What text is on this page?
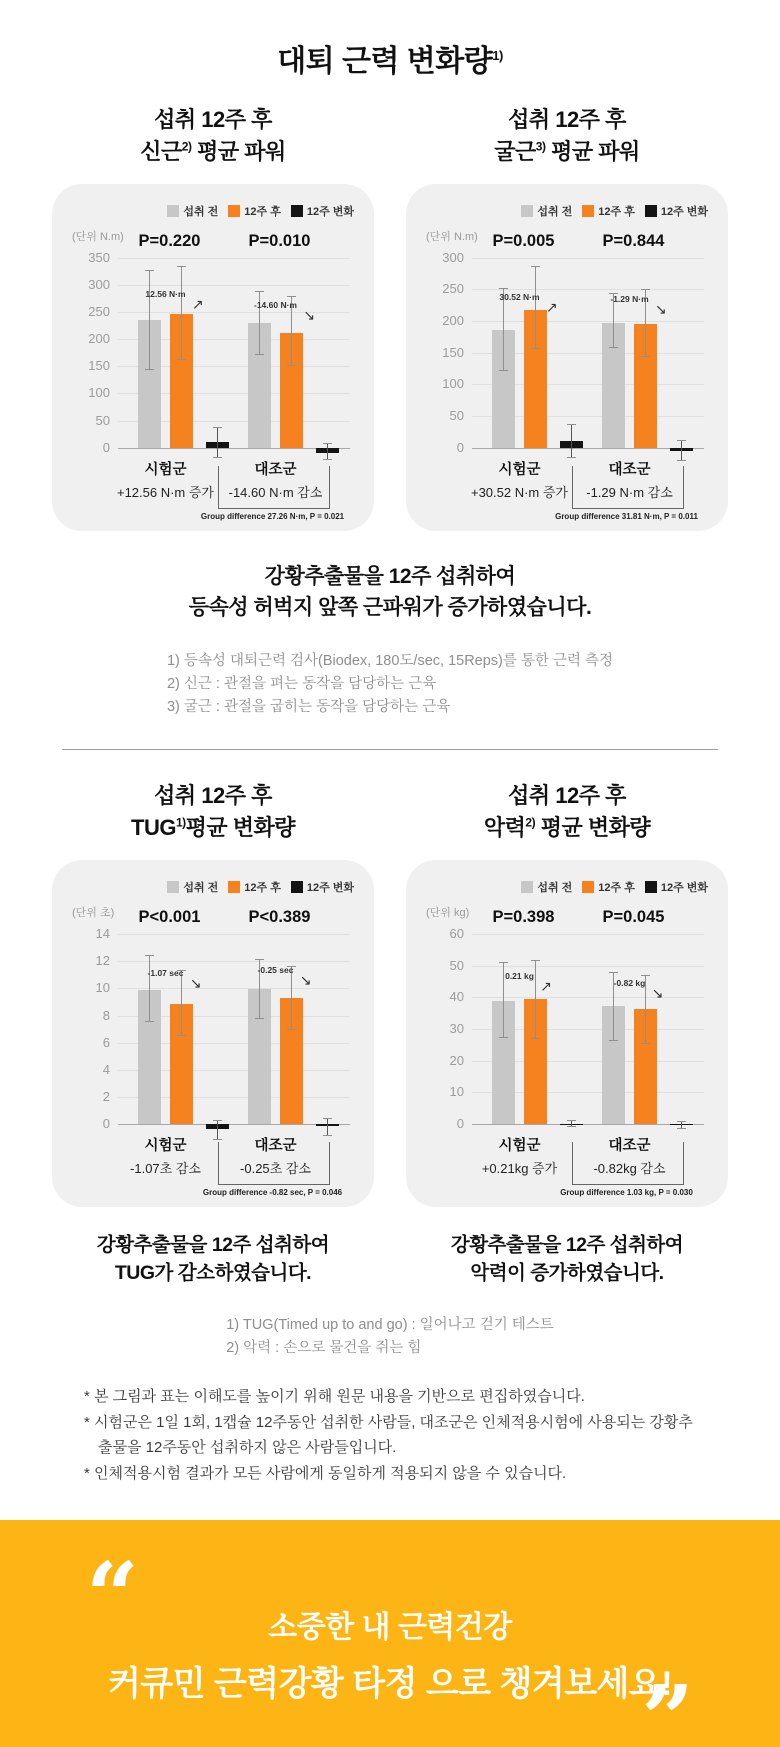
대퇴 근력 변화량$^{1)}$
섭취 12주 후
신근$^{2)}$ 평균 파워
섭취 전 12주 후 12주 변화
(단위 N.m) P=0.220	P=0.010
350
300
250
200
150
100
50
0
12.56 N·m
↗
시험군
+12.56 N·m 증가
-14.60 N·m
↘
대조군
-14.60 N·m 감소
Group difference 27.26 N·m, P = 0.021
섭취 12주 후
굴근$^{3)}$ 평균 파워
섭취 전 12주 후 12주 변화
(단위 N.m) P=0.005	P=0.844
300
250
200
150
100
50
0
30.52 N·m
↗
시험군
+30.52 N·m 증가
-1.29 N·m
↘
대조군
-1.29 N·m 감소
Group difference 31.81 N·m, P = 0.011
강황추출물을 12주 섭취하여
등속성 허벅지 앞쪽 근파워가 증가하였습니다.
1) 등속성 대퇴근력 검사(Biodex, 180도/sec, 15Reps)를 통한 근력 측정
2) 신근 : 관절을 펴는 동작을 담당하는 근육
3) 굴근 : 관절을 굽히는 동작을 담당하는 근육
섭취 12주 후
TUG$^{1)}$평균 변화량
섭취 전 12주 후 12주 변화
(단위 초) P<0.001	P<0.389
14
12
10
8
6
4
2
0
-1.07 sec
↘
시험군
-1.07초 감소
-0.25 sec
↘
대조군
-0.25초 감소
Group difference -0.82 sec, P = 0.046
섭취 12주 후
악력$^{2)}$ 평균 변화량
섭취 전 12주 후 12주 변화
(단위 kg) P=0.398	P=0.045
60
50
40
30
20
10
0
0.21 kg
↗
시험군
+0.21kg 증가
-0.82 kg
↘
대조군
-0.82kg 감소
Group difference 1.03 kg, P = 0.030
강황추출물을 12주 섭취하여
TUG가 감소하였습니다.
강황추출물을 12주 섭취하여
악력이 증가하였습니다.
1) TUG(Timed up to and go) : 일어나고 걷기 테스트
2) 악력 : 손으로 물건을 쥐는 힘
* 본 그림과 표는 이해도를 높이기 위해 원문 내용을 기반으로 편집하였습니다.
* 시험군은 1일 1회, 1캡슐 12주동안 섭취한 사람들, 대조군은 인체적용시험에 사용되는 강황추출물을 12주동안 섭취하지 않은 사람들입니다.
* 인체적용시험 결과가 모든 사람에게 동일하게 적용되지 않을 수 있습니다.
“	소중한 내 근력건강
커큐민 근력강황 타정 으로 챙겨보세요!
”
